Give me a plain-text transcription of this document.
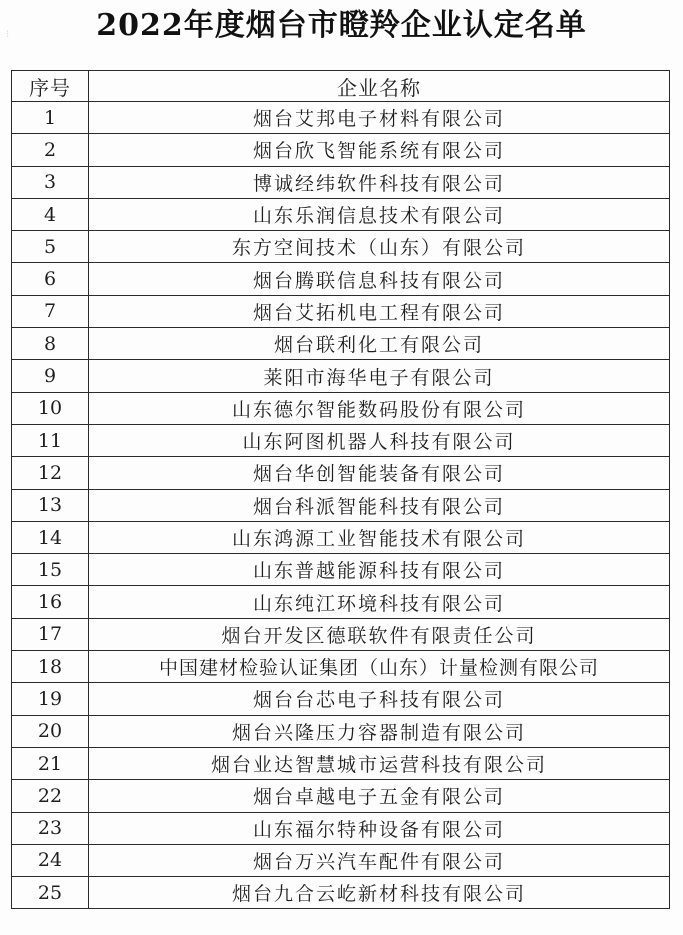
⁝	2022年度烟台市瞪羚企业认定名单
序号	企业名称
1	烟台艾邦电子材料有限公司
2	烟台欣飞智能系统有限公司
3	博诚经纬软件科技有限公司
4	山东乐润信息技术有限公司
5	东方空间技术（山东）有限公司
6	烟台腾联信息科技有限公司
7	烟台艾拓机电工程有限公司
8	烟台联利化工有限公司
9	莱阳市海华电子有限公司
10	山东德尔智能数码股份有限公司
11	山东阿图机器人科技有限公司
12	烟台华创智能装备有限公司
13	烟台科派智能科技有限公司
14	山东鸿源工业智能技术有限公司
15	山东普越能源科技有限公司
16	山东纯江环境科技有限公司
17	烟台开发区德联软件有限责任公司
18	中国建材检验认证集团（山东）计量检测有限公司
19	烟台台芯电子科技有限公司
20	烟台兴隆压力容器制造有限公司
21	烟台业达智慧城市运营科技有限公司
22	烟台卓越电子五金有限公司
23	山东福尔特种设备有限公司
24	烟台万兴汽车配件有限公司
25	烟台九合云屹新材科技有限公司
